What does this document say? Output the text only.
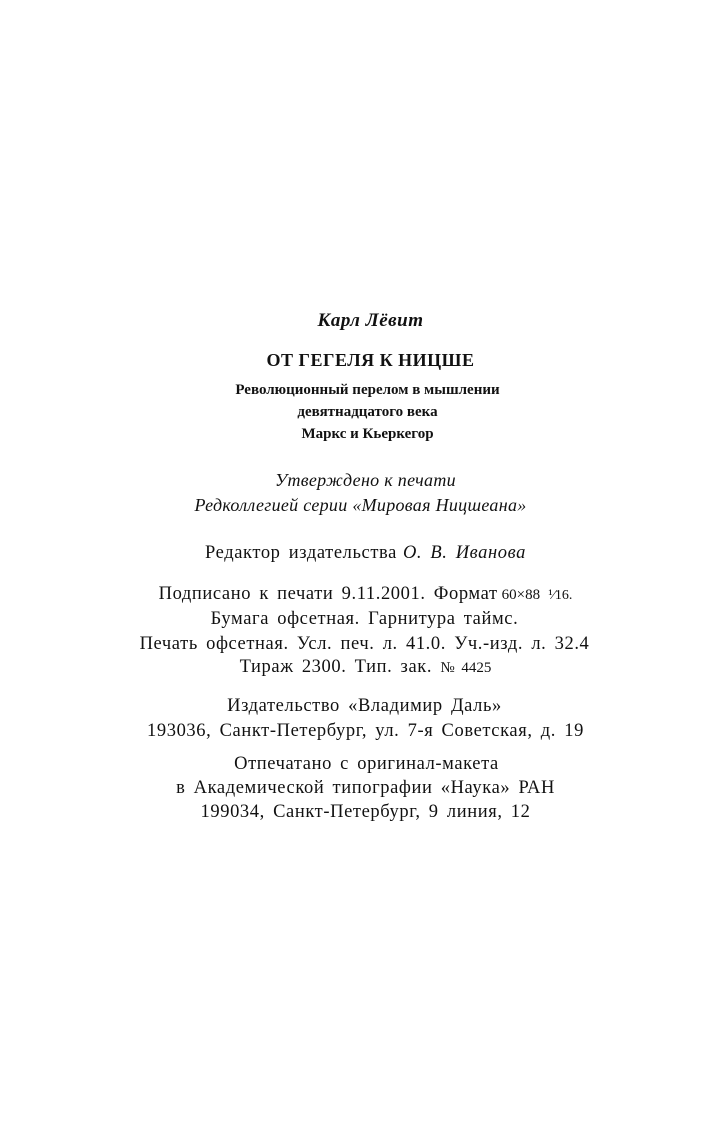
Карл Лёвит
ОТ ГЕГЕЛЯ К НИЦШЕ
Революционный перелом в мышлении
девятнадцатого века
Маркс и Кьеркегор
Утверждено к печати
Редколлегией серии «Мировая Ницшеана»
Редактор издательства О. В. Иванова
Подписано к печати 9.11.2001. Формат 60×88 ¹⁄16.
Бумага офсетная. Гарнитура таймс.
Печать офсетная. Усл. печ. л. 41.0. Уч.-изд. л. 32.4
Тираж 2300. Тип. зак. № 4425
Издательство «Владимир Даль»
193036, Санкт-Петербург, ул. 7-я Советская, д. 19
Отпечатано с оригинал-макета
в Академической типографии «Наука» РАН
199034, Санкт-Петербург, 9 линия, 12
